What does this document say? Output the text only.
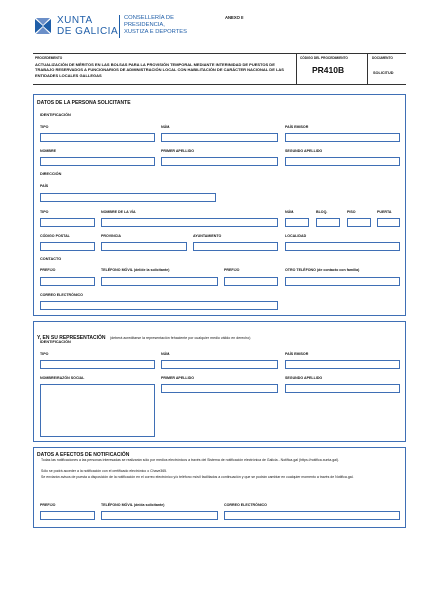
XUNTA
DE GALICIA
CONSELLERÍA DE
PRESIDENCIA,
XUSTIZA E DEPORTES
ANEXO II
PROCEDEMENTO
ACTUALIZACIÓN DE MÉRITOS EN LAS BOLSAS PARA LA PROVISIÓN TEMPORAL MEDIANTE INTERINIDAD DE PUESTOS DE TRABAJO RESERVADOS A FUNCIONARIOS DE ADMINISTRACIÓN LOCAL CON HABILITACIÓN DE CARÁCTER NACIONAL DE LAS ENTIDADES LOCALES GALLEGAS
CÓDIGO DEL PROCEDIMIENTO
PR410B
DOCUMENTO
SOLICITUD
DATOS DE LA PERSONA SOLICITANTE
IDENTIFICACIÓN
TIPO	NÚM.	PAÍS EMISOR
NOMBRE	PRIMER APELLIDO	SEGUNDO APELLIDO
DIRECCIÓN
PAÍS
TIPO	NOMBRE DE LA VÍA	NÚM.	BLOQ.	PISO	PUERTA
CÓDIGO POSTAL	PROVINCIA	AYUNTAMIENTO	LOCALIDAD
CONTACTO
PREFIJO	TELÉFONO MÓVIL (del/de la solicitante)	PREFIJO	OTRO TELÉFONO (de contacto con familia)
CORREO ELECTRÓNICO
Y, EN SU REPRESENTACIÓN (deberá acreditarse la representación fehaciente por cualquier medio válido en derecho)
IDENTIFICACIÓN
TIPO	NÚM.	PAÍS EMISOR
NOMBRE/RAZÓN SOCIAL	PRIMER APELLIDO	SEGUNDO APELLIDO
DATOS A EFECTOS DE NOTIFICACIÓN
Todas las notificaciones a las personas interesadas se realizarán sólo por medios electrónicos a través del Sistema de notificación electrónica de Galicia - Notifica.gal (https://notifica.xunta.gal).
Sólo se podrá acceder a la notificación con el certificado electrónico o Chave365.
Se enviarán avisos de puesta a disposición de la notificación en el correo electrónico y/o teléfono móvil facilitados a continuación y que se podrán cambiar en cualquier momento a través de Notifica.gal.
PREFIJO	TELÉFONO MÓVIL (de/da solicitante)	CORREO ELECTRÓNICO
